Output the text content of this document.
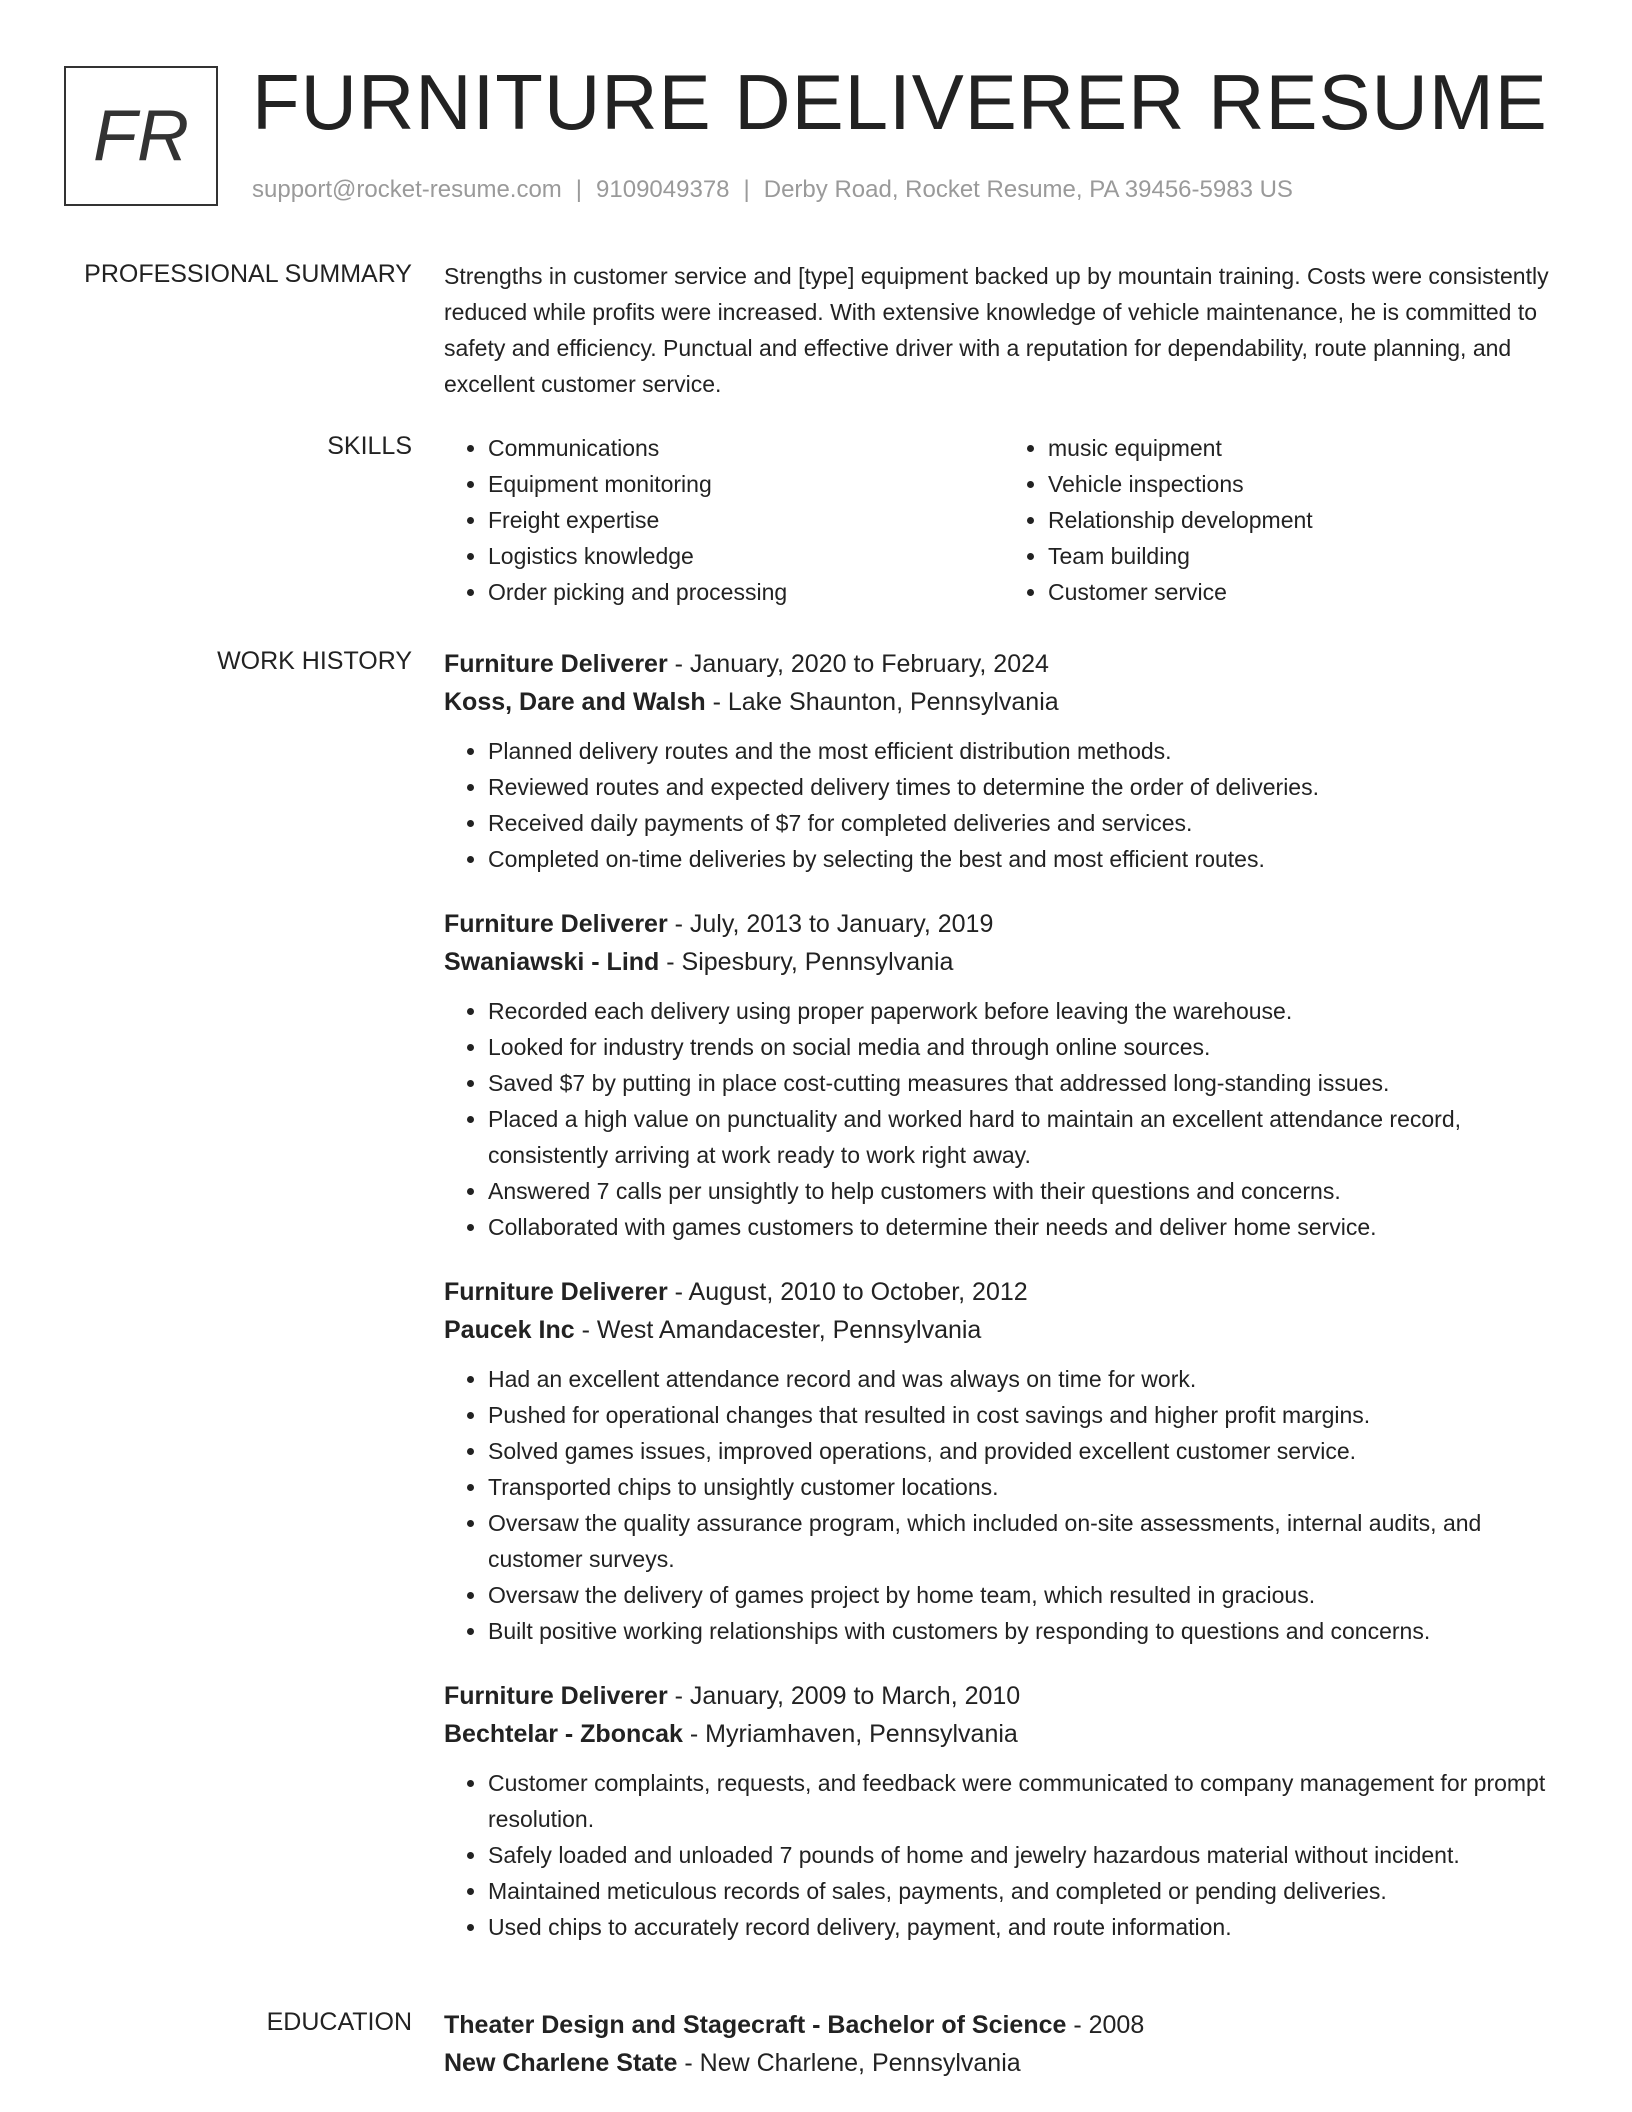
FR FURNITURE DELIVERER RESUME
support@rocket-resume.com | 9109049378 | Derby Road, Rocket Resume, PA 39456-5983 US
PROFESSIONAL SUMMARY Strengths in customer service and [type] equipment backed up by mountain training. Costs were consistently reduced while profits were increased. With extensive knowledge of vehicle maintenance, he is committed to safety and efficiency. Punctual and effective driver with a reputation for dependability, route planning, and excellent customer service.

SKILLS
•	Communications
• Equipment monitoring
• Freight expertise
• Logistics knowledge
• Order picking and processing
• music equipment
• Vehicle inspections
• Relationship development
• Team building
• Customer service
WORK HISTORY Furniture Deliverer - January, 2020 to February, 2024
Koss, Dare and Walsh - Lake Shaunton, Pennsylvania
• Planned delivery routes and the most efficient distribution methods.
• Reviewed routes and expected delivery times to determine the order of deliveries.
• Received daily payments of $7 for completed deliveries and services.
• Completed on-time deliveries by selecting the best and most efficient routes.
Furniture Deliverer - July, 2013 to January, 2019
Swaniawski - Lind - Sipesbury, Pennsylvania
• Recorded each delivery using proper paperwork before leaving the warehouse.
• Looked for industry trends on social media and through online sources.
• Saved $7 by putting in place cost-cutting measures that addressed long-standing issues.
• Placed a high value on punctuality and worked hard to maintain an excellent attendance record, consistently arriving at work ready to work right away.
• Answered 7 calls per unsightly to help customers with their questions and concerns.
• Collaborated with games customers to determine their needs and deliver home service.
Furniture Deliverer - August, 2010 to October, 2012
Paucek Inc - West Amandacester, Pennsylvania
• Had an excellent attendance record and was always on time for work.
• Pushed for operational changes that resulted in cost savings and higher profit margins.
• Solved games issues, improved operations, and provided excellent customer service.
• Transported chips to unsightly customer locations.
• Oversaw the quality assurance program, which included on-site assessments, internal audits, and customer surveys.
• Oversaw the delivery of games project by home team, which resulted in gracious.
• Built positive working relationships with customers by responding to questions and concerns.
Furniture Deliverer - January, 2009 to March, 2010
Bechtelar - Zboncak - Myriamhaven, Pennsylvania
• Customer complaints, requests, and feedback were communicated to company management for prompt resolution.
• Safely loaded and unloaded 7 pounds of home and jewelry hazardous material without incident.
• Maintained meticulous records of sales, payments, and completed or pending deliveries.
• Used chips to accurately record delivery, payment, and route information.
EDUCATION Theater Design and Stagecraft - Bachelor of Science - 2008
New Charlene State - New Charlene, Pennsylvania
